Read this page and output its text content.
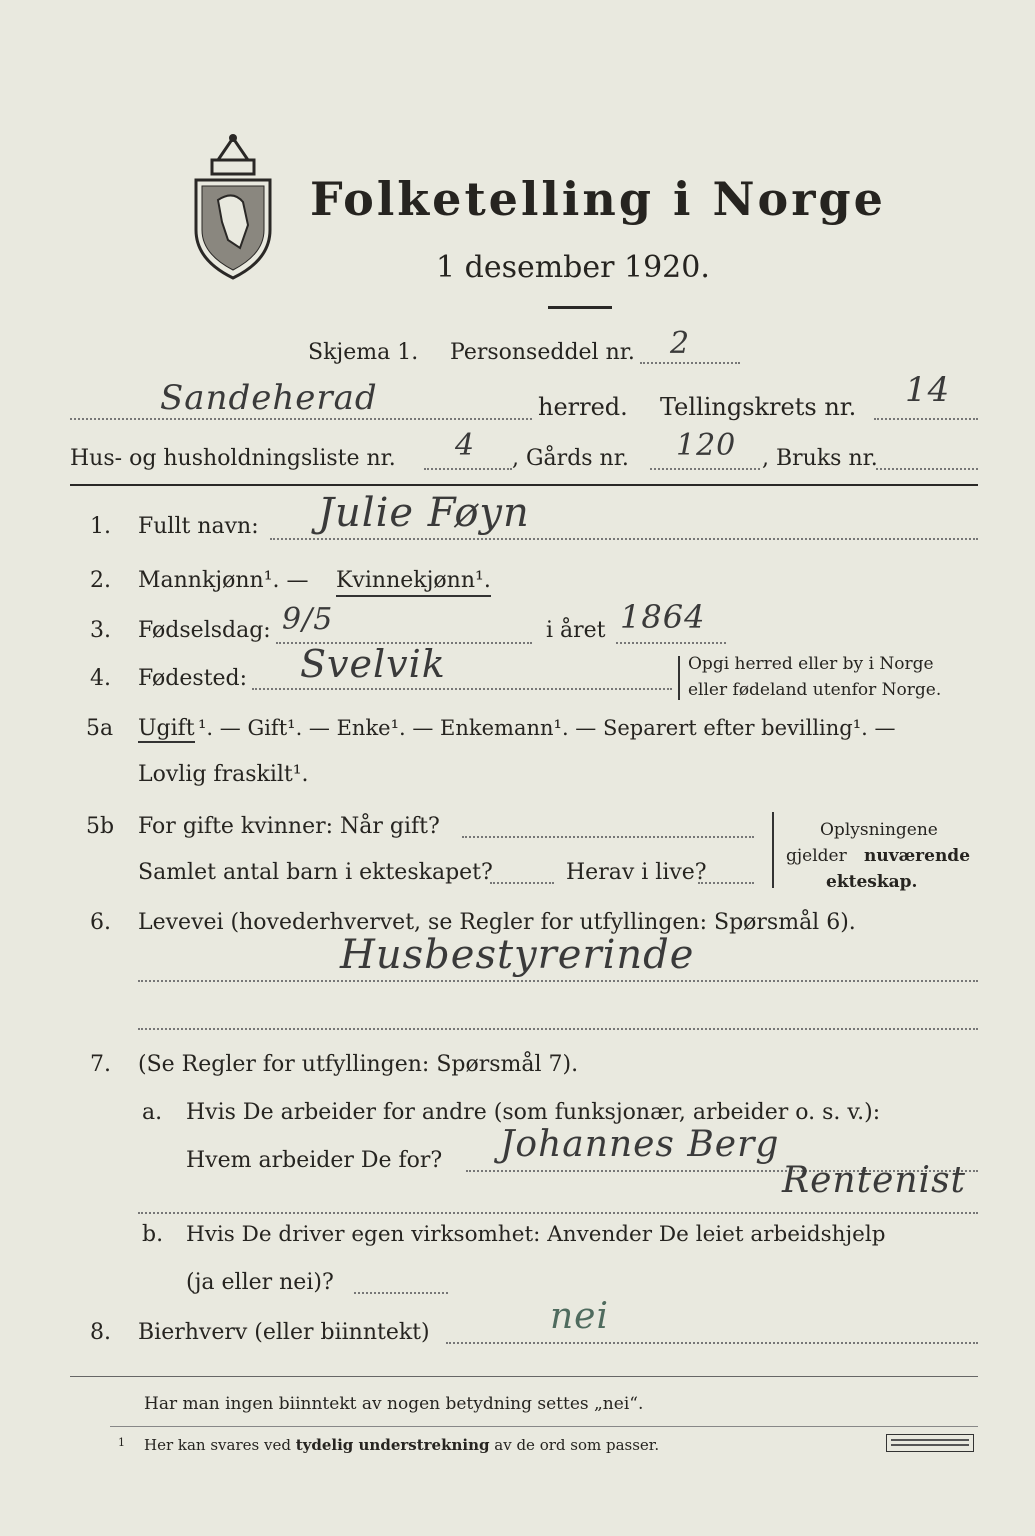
Folketelling i Norge
1 desember 1920.
Skjema 1. Personseddel nr. 2
Sandeherad	herred. Tellingskrets nr. 14
Hus- og husholdningsliste nr. 4 , Gårds nr. 120 , Bruks nr.
1. Fullt navn: Julie Føyn
2. Mannkjønn¹. — Kvinnekjønn¹.
3. Fødselsdag: 9/5	i året 1864
4. Fødested: Svelvik	Opgi herred eller by i Norge
eller fødeland utenfor Norge.
5a Ugift ¹. — Gift¹. — Enke¹. — Enkemann¹. — Separert efter bevilling¹. —
Lovlig fraskilt¹.
5b For gifte kvinner: Når gift?
Samlet antal barn i ekteskapet?	Herav i live?
Oplysningene
gjelder nuværende
ekteskap.
6. Levevei (hovederhvervet, se Regler for utfyllingen: Spørsmål 6).
Husbestyrerinde
7. (Se Regler for utfyllingen: Spørsmål 7).
a. Hvis De arbeider for andre (som funksjonær, arbeider o. s. v.):
Hvem arbeider De for? Johannes Berg
Rentenist
b. Hvis De driver egen virksomhet: Anvender De leiet arbeidshjelp
(ja eller nei)?
8. Bierhverv (eller biinntekt)	nei
Har man ingen biinntekt av nogen betydning settes „nei“.
1 Her kan svares ved tydelig understrekning av de ord som passer.
